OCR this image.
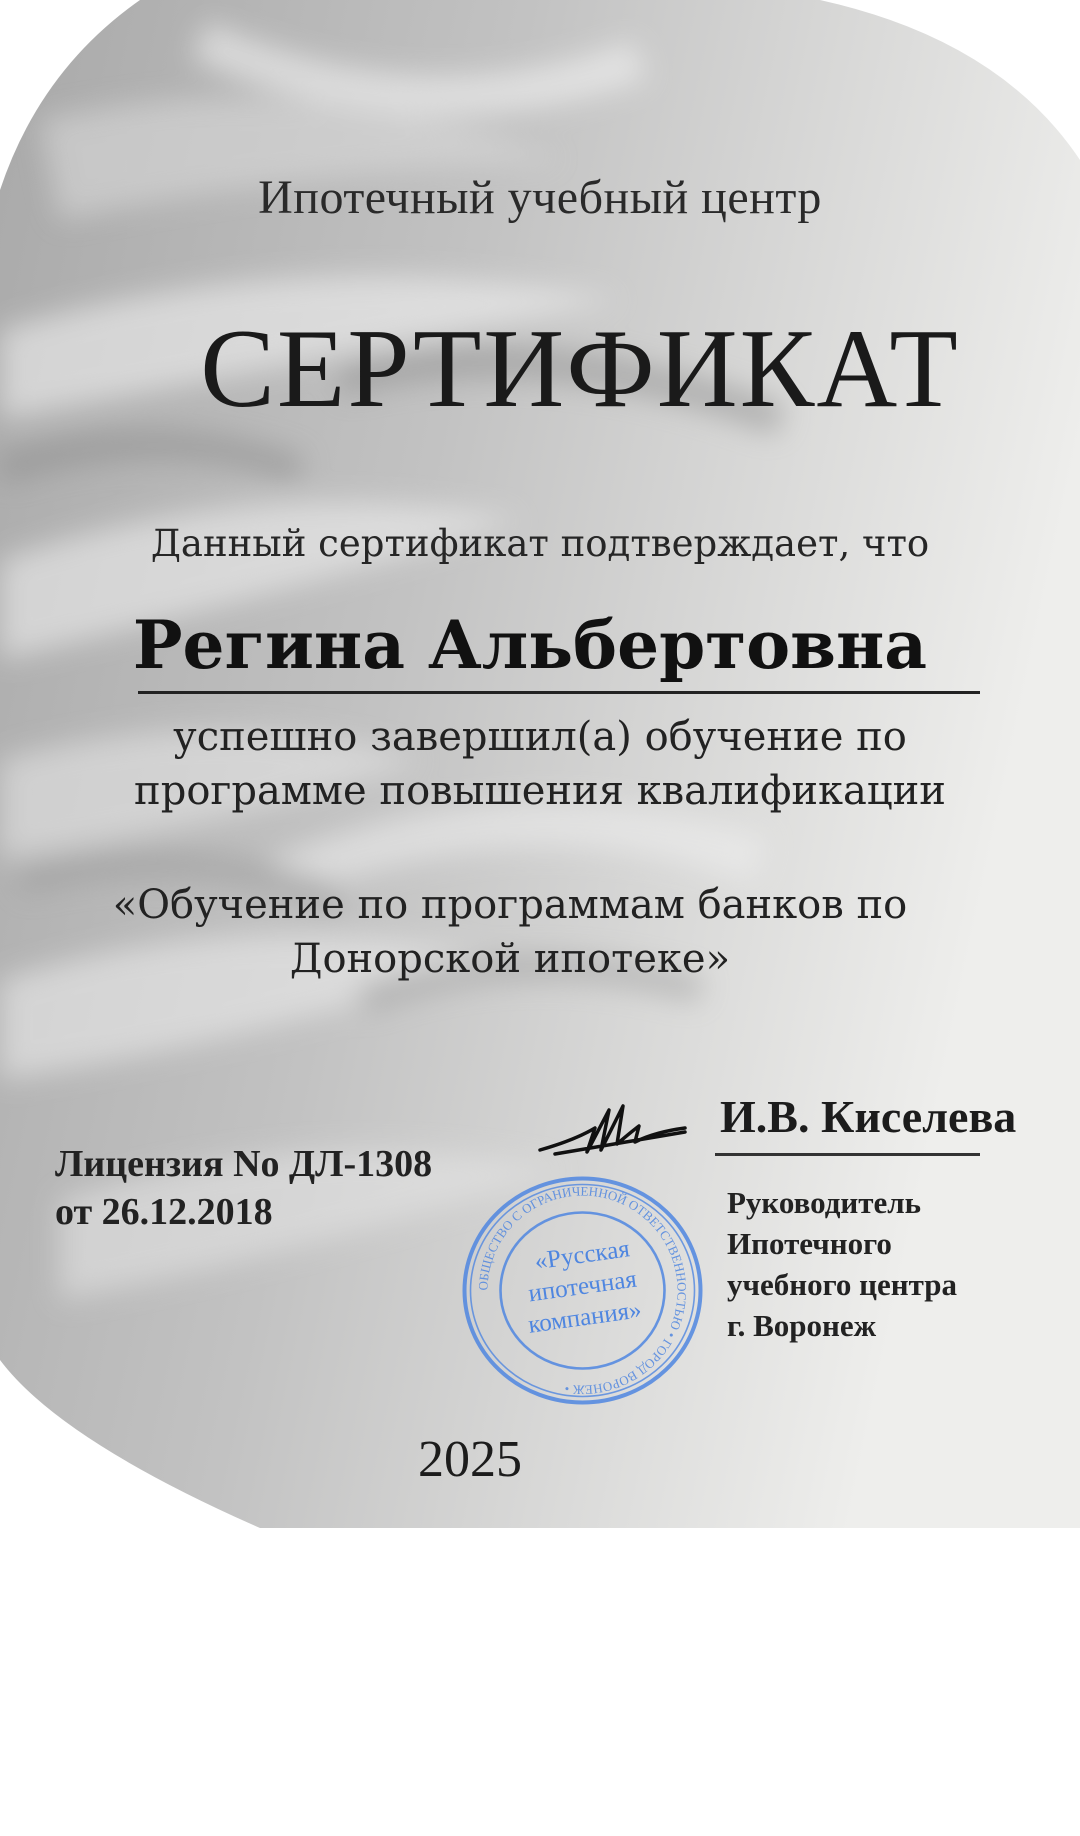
Ипотечный учебный центр
СЕРТИФИКАТ
Данный сертификат подтверждает, что
Регина Альбертовна
успешно завершил(а) обучение по
программе повышения квалификации
«Обучение по программам банков по
Донорской ипотеке»
Лицензия No ДЛ-1308
от 26.12.2018
ОБЩЕСТВО С ОГРАНИЧЕННОЙ ОТВЕТСТВЕННОСТЬЮ • ГОРОД ВОРОНЕЖ •
«Русская
ипотечная
компания»
И.В. Киселева
Руководитель
Ипотечного
учебного центра
г. Воронеж
2025
